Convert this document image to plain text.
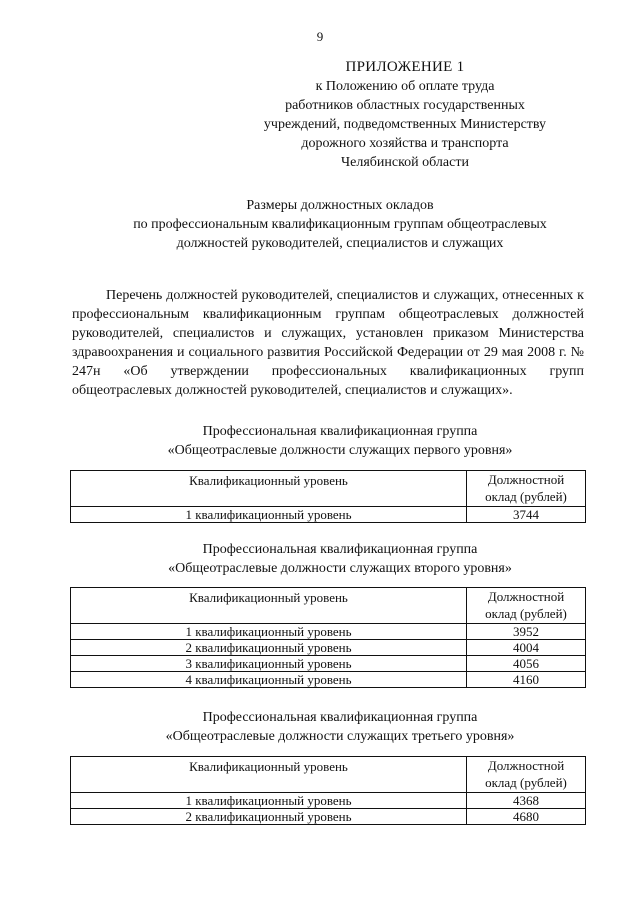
9
ПРИЛОЖЕНИЕ 1
к Положению об оплате труда
работников областных государственных
учреждений, подведомственных Министерству
дорожного хозяйства и транспорта
Челябинской области
Размеры должностных окладов
по профессиональным квалификационным группам общеотраслевых
должностей руководителей, специалистов и служащих
Перечень должностей руководителей, специалистов и служащих, отнесенных к профессиональным квалификационным группам общеотраслевых должностей руководителей, специалистов и служащих, установлен приказом Министерства здравоохранения и социального развития Российской Федерации от 29 мая 2008 г. № 247н «Об утверждении профессиональных квалификационных групп общеотраслевых должностей руководителей, специалистов и служащих».
Профессиональная квалификационная группа
«Общеотраслевые должности служащих первого уровня»
Квалификационный уровень	Должностной
оклад (рублей)

1 квалификационный уровень	3744
Профессиональная квалификационная группа
«Общеотраслевые должности служащих второго уровня»
Квалификационный уровень	Должностной
оклад (рублей)

1 квалификационный уровень	3952
2 квалификационный уровень	4004
3 квалификационный уровень	4056
4 квалификационный уровень	4160
Профессиональная квалификационная группа
«Общеотраслевые должности служащих третьего уровня»
Квалификационный уровень	Должностной
оклад (рублей)

1 квалификационный уровень	4368
2 квалификационный уровень	4680
